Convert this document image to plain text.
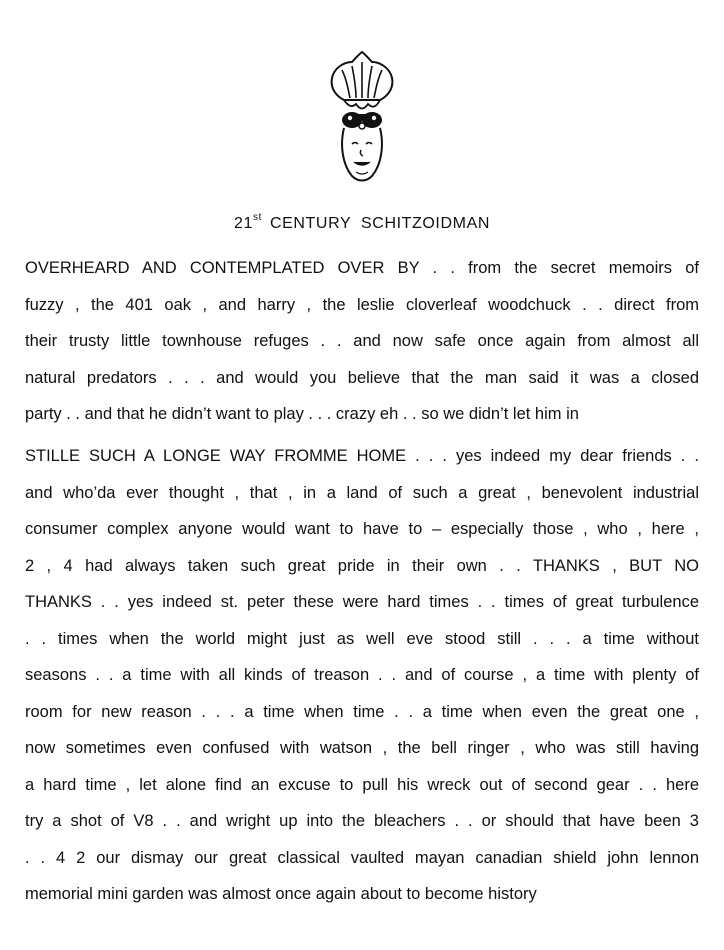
21st CENTURY  SCHITZOIDMAN
OVERHEARD AND CONTEMPLATED OVER BY . . from the secret memoirs of
fuzzy , the 401 oak , and harry , the leslie cloverleaf woodchuck . . direct from
their trusty little townhouse refuges . . and now safe once again from almost all
natural predators . . . and would you believe that the man said it was a closed
party . . and that he didn’t want to play . . . crazy eh . . so we didn’t let him in
STILLE SUCH A LONGE WAY FROMME HOME . . . yes indeed my dear friends . .
and who’da ever thought , that , in a land of such a great , benevolent industrial
consumer complex anyone would want to have to – especially those , who , here ,
2 , 4 had always taken such great pride in their own . . THANKS , BUT NO
THANKS . . yes indeed st. peter these were hard times . . times of great turbulence
. . times when the world might just as well eve stood still . . . a time without
seasons . . a time with all kinds of treason . . and of course , a time with plenty of
room for new reason . . . a time when time . . a time when even the great one ,
now sometimes even confused with watson , the bell ringer , who was still having
a hard time , let alone find an excuse to pull his wreck out of second gear . . here
try a shot of V8 . . and wright up into the bleachers . . or should that have been 3
. . 4 2 our dismay our great classical vaulted mayan canadian shield john lennon
memorial mini garden was almost once again about to become history
